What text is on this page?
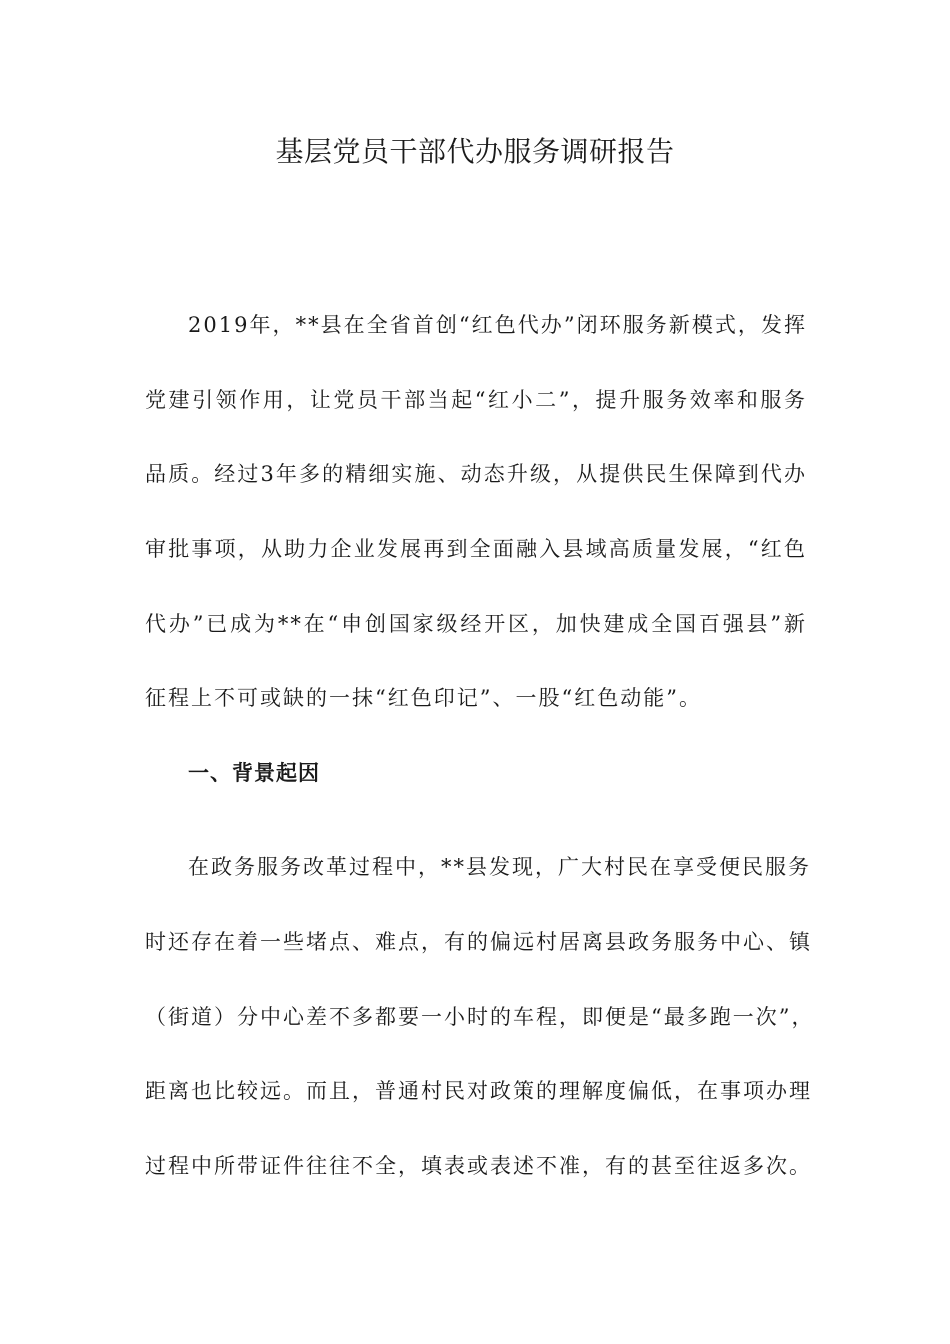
基层党员干部代办服务调研报告
2019年，**县在全省首创“红色代办”闭环服务新模式，发挥
党建引领作用，让党员干部当起“红小二”，提升服务效率和服务
品质。经过3年多的精细实施、动态升级，从提供民生保障到代办
审批事项，从助力企业发展再到全面融入县域高质量发展，“红色
代办”已成为**在“申创国家级经开区，加快建成全国百强县”新
征程上不可或缺的一抹“红色印记”、一股“红色动能”。
一、背景起因
在政务服务改革过程中，**县发现，广大村民在享受便民服务
时还存在着一些堵点、难点，有的偏远村居离县政务服务中心、镇
（街道）分中心差不多都要一小时的车程，即便是“最多跑一次”，
距离也比较远。而且，普通村民对政策的理解度偏低，在事项办理
过程中所带证件往往不全，填表或表述不准，有的甚至往返多次。
